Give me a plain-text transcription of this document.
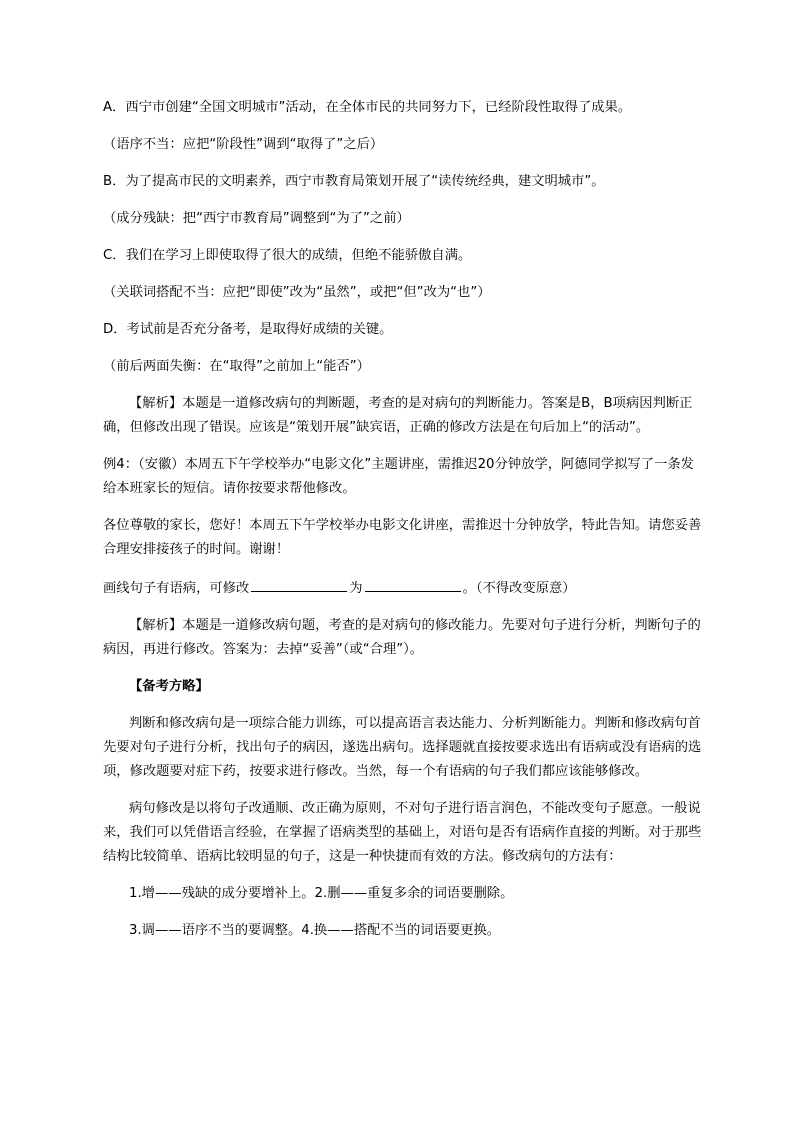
A．西宁市创建“全国文明城市”活动，在全体市民的共同努力下，已经阶段性取得了成果。

（语序不当：应把“阶段性”调到“取得了”之后）

B．为了提高市民的文明素养，西宁市教育局策划开展了“读传统经典，建文明城市”。

（成分残缺：把“西宁市教育局”调整到“为了”之前）

C．我们在学习上即使取得了很大的成绩，但绝不能骄傲自满。

（关联词搭配不当：应把“即使”改为“虽然”，或把“但”改为“也”）

D．考试前是否充分备考，是取得好成绩的关键。

（前后两面失衡：在“取得”之前加上“能否”）

【解析】本题是一道修改病句的判断题，考查的是对病句的判断能力。答案是B，B项病因判断正确，但修改出现了错误。应该是“策划开展”缺宾语，正确的修改方法是在句后加上“的活动”。

例4：（安徽）本周五下午学校举办“电影文化”主题讲座，需推迟20分钟放学，阿德同学拟写了一条发给本班家长的短信。请你按要求帮他修改。

各位尊敬的家长，您好！本周五下午学校举办电影文化讲座，需推迟十分钟放学，特此告知。请您妥善合理安排接孩子的时间。谢谢！

画线句子有语病，可修改	为	。（不得改变原意）

【解析】本题是一道修改病句题，考查的是对病句的修改能力。先要对句子进行分析，判断句子的病因，再进行修改。答案为：去掉“妥善”（或“合理”）。

【备考方略】

判断和修改病句是一项综合能力训练，可以提高语言表达能力、分析判断能力。判断和修改病句首先要对句子进行分析，找出句子的病因，遂选出病句。选择题就直接按要求选出有语病或没有语病的选项，修改题要对症下药，按要求进行修改。当然，每一个有语病的句子我们都应该能够修改。

病句修改是以将句子改通顺、改正确为原则，不对句子进行语言润色，不能改变句子愿意。一般说来，我们可以凭借语言经验，在掌握了语病类型的基础上，对语句是否有语病作直接的判断。对于那些结构比较简单、语病比较明显的句子，这是一种快捷而有效的方法。修改病句的方法有：

1.增——残缺的成分要增补上。2.删——重复多余的词语要删除。

3.调——语序不当的要调整。4.换——搭配不当的词语要更换。
